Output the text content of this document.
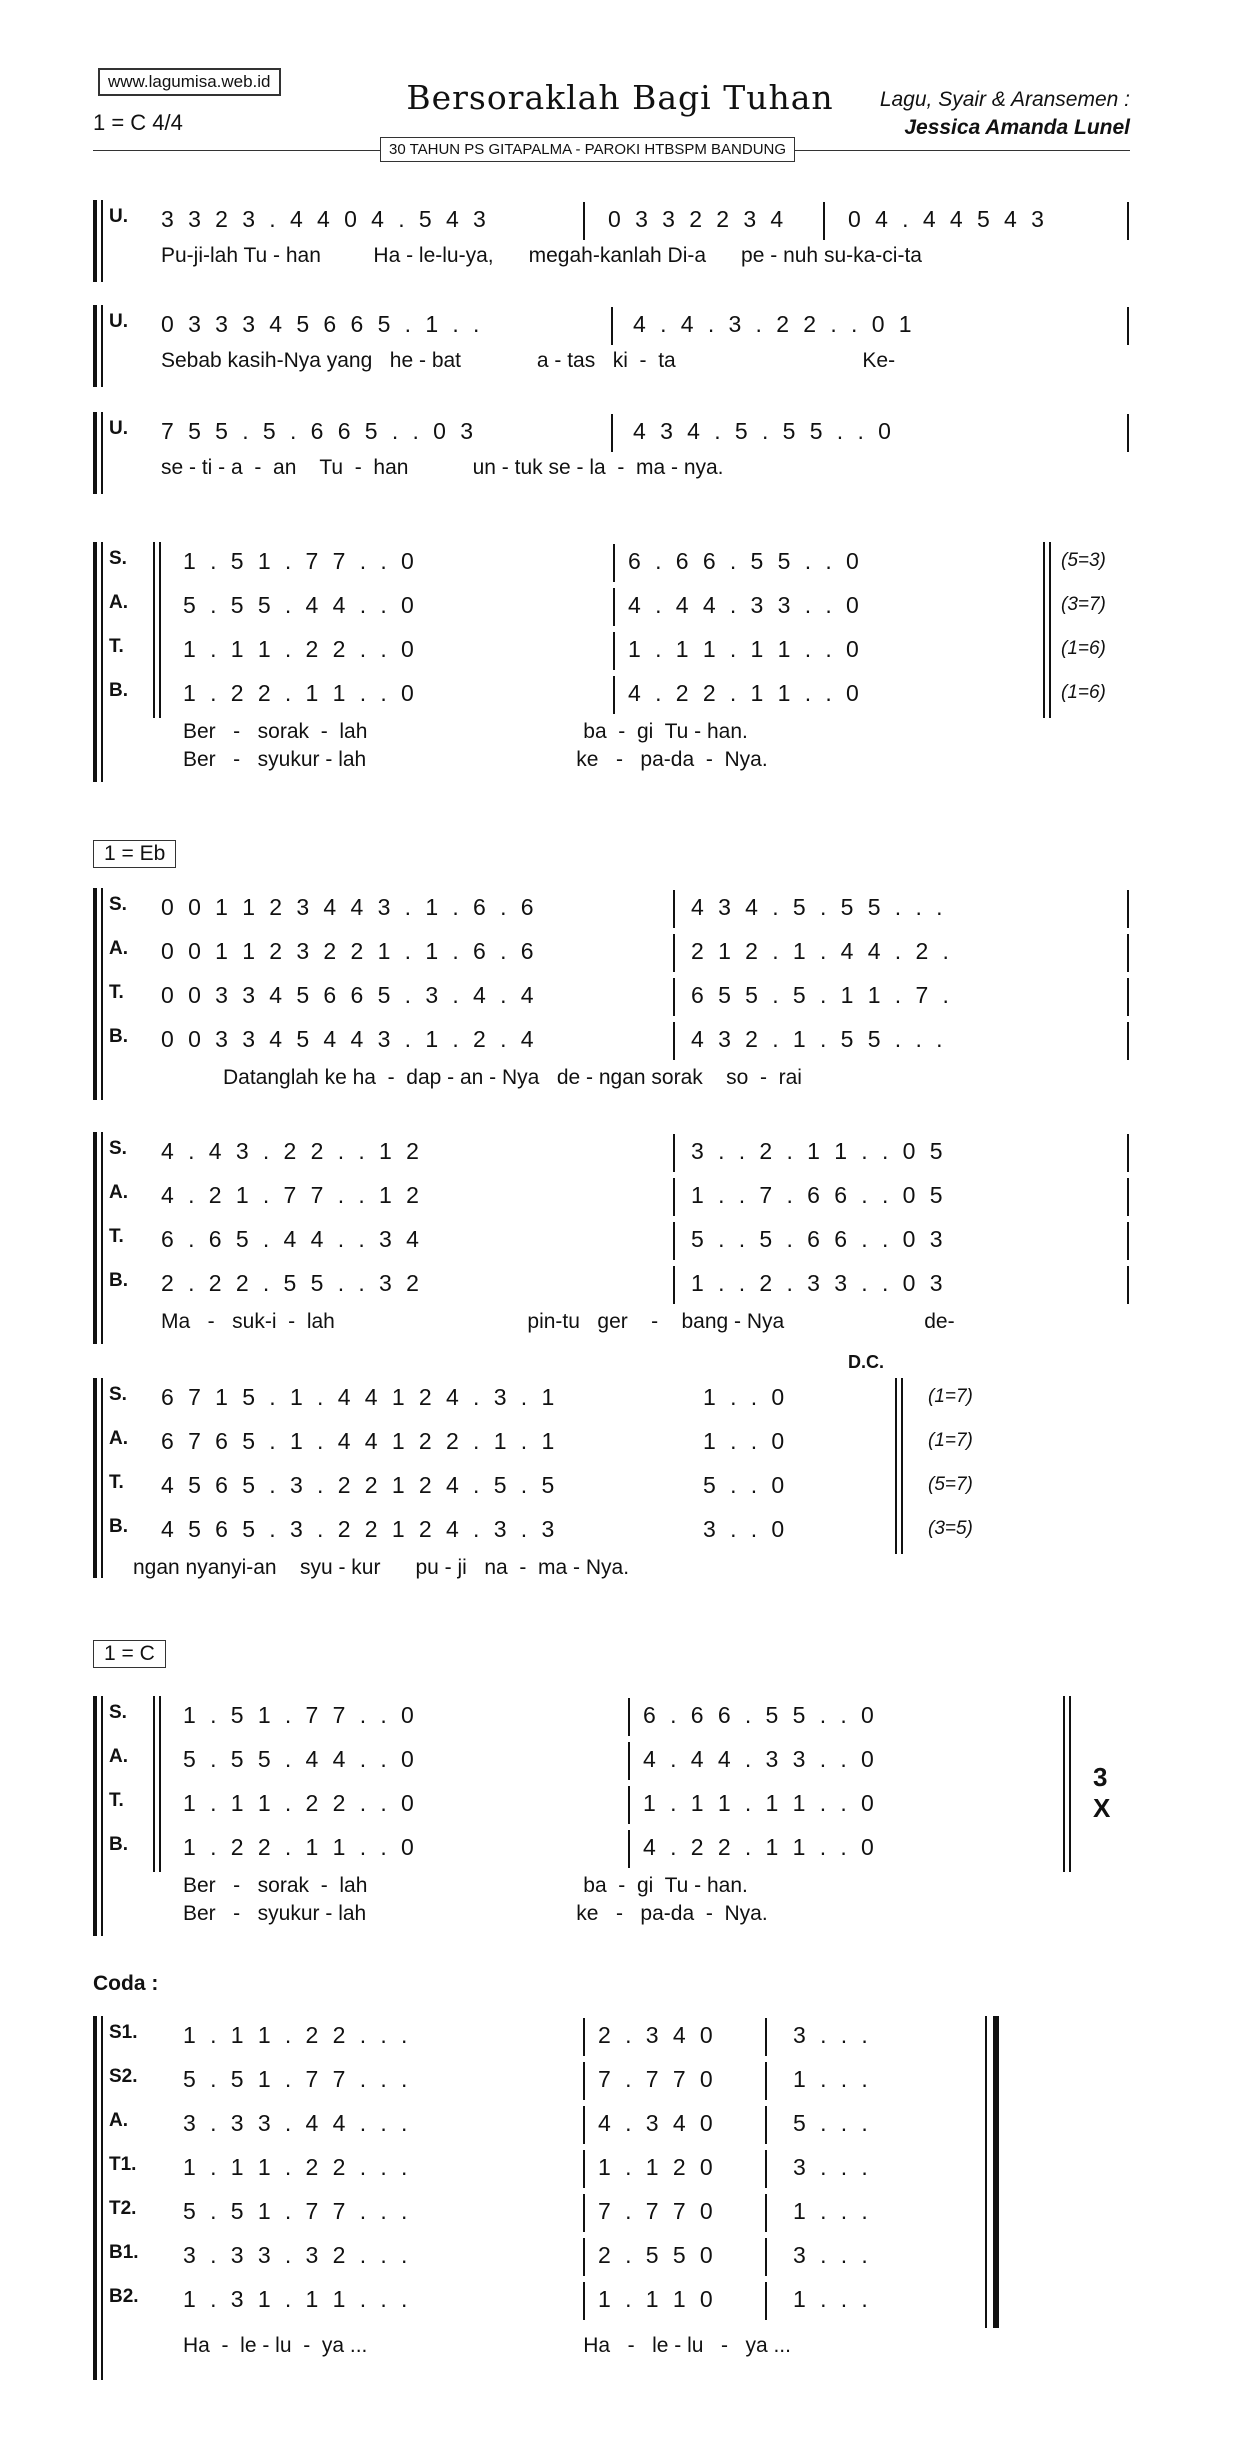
www.lagumisa.web.id
1 = C 4/4
Bersoraklah Bagi Tuhan	Lagu, Syair & Aransemen :
Jessica Amanda Lunel
30 TAHUN PS GITAPALMA - PAROKI HTBSPM BANDUNG
U. 3  3  2  3  .  4  4  0  4  .  5  4  3	0  3  3  2  2  3  4	0  4  .  4  4  5  4  3
Pu-ji-lah Tu - han         Ha - le-lu-ya,      megah-kanlah Di-a      pe - nuh su-ka-ci-ta
U. 0  3  3  3  4  5  6  6  5  .  1  .  .	4  .  4  .  3  .  2  2  .  .  0  1
Sebab kasih-Nya yang   he - bat             a - tas   ki  -  ta                                Ke-
U. 7  5  5  .  5  .  6  6  5  .  .  0  3	4  3  4  .  5  .  5  5  .  .  0
se - ti - a  -  an    Tu  -  han           un - tuk se - la  -  ma - nya.
S. 1  .  5  1  .  7  7  .  .  0	6  .  6  6  .  5  5  .  .  0	(5=3)
A. 5  .  5  5  .  4  4  .  .  0	4  .  4  4  .  3  3  .  .  0	(3=7)
T.	1  .  1  1  .  2  2  .  .  0	1  .  1  1  .  1  1  .  .  0	(1=6)
B. 1  .  2  2  .  1  1  .  .  0	4  .  2  2  .  1  1  .  .  0	(1=6)
Ber   -   sorak  -  lah                                     ba  -  gi  Tu - han.
Ber   -   syukur - lah                                    ke   -   pa-da  -  Nya.
1 = Eb
S. 0  0  1  1  2  3  4  4  3  .  1  .  6  .  6	4  3  4  .  5  .  5  5  .  .  .
A. 0  0  1  1  2  3  2  2  1  .  1  .  6  .  6	2  1  2  .  1  .  4  4  .  2  .
T. 0  0  3  3  4  5  6  6  5  .  3  .  4  .  4	6  5  5  .  5  .  1  1  .  7  .
B. 0  0  3  3  4  5  4  4  3  .  1  .  2  .  4	4  3  2  .  1  .  5  5  .  .  .
Datanglah ke ha  -  dap - an - Nya   de - ngan sorak    so  -  rai
S. 4  .  4  3  .  2  2  .  .  1  2	3  .  .  2  .  1  1  .  .  0  5
A. 4  .  2  1  .  7  7  .  .  1  2	1  .  .  7  .  6  6  .  .  0  5
T. 6  .  6  5  .  4  4  .  .  3  4	5  .  .  5  .  6  6  .  .  0  3
B. 2  .  2  2  .  5  5  .  .  3  2	1  .  .  2  .  3  3  .  .  0  3
Ma   -   suk-i  -  lah                                 pin-tu   ger    -    bang - Nya                        de-
D.C.
S. 6  7  1  5  .  1  .  4  4  1  2  4  .  3  .  1	1  .  .  0	(1=7)
A. 6  7  6  5  .  1  .  4  4  1  2  2  .  1  .  1	1  .  .  0	(1=7)
T. 4  5  6  5  .  3  .  2  2  1  2  4  .  5  .  5	5  .  .  0	(5=7)
B. 4  5  6  5  .  3  .  2  2  1  2  4  .  3  .  3	3  .  .  0	(3=5)
ngan nyanyi-an    syu - kur      pu - ji   na  -  ma - Nya.
1 = C
3 X
S. 1  .  5  1  .  7  7  .  .  0	6  .  6  6  .  5  5  .  .  0
A. 5  .  5  5  .  4  4  .  .  0	4  .  4  4  .  3  3  .  .  0
T.	1  .  1  1  .  2  2  .  .  0	1  .  1  1  .  1  1  .  .  0
B. 1  .  2  2  .  1  1  .  .  0	4  .  2  2  .  1  1  .  .  0
Ber   -   sorak  -  lah                                     ba  -  gi  Tu - han.
Ber   -   syukur - lah                                    ke   -   pa-da  -  Nya.
Coda :
S1. 1  .  1  1  .  2  2  .  .  .	2  .  3  4  0	3  .  .  .
S2. 5  .  5  1  .  7  7  .  .  .	7  .  7  7  0	1  .  .  .
A. 3  .  3  3  .  4  4  .  .  .	4  .  3  4  0	5  .  .  .
T1. 1  .  1  1  .  2  2  .  .  .	1  .  1  2  0	3  .  .  .
T2. 5  .  5  1  .  7  7  .  .  .	7  .  7  7  0	1  .  .  .
B1. 3  .  3  3  .  3  2  .  .  .	2  .  5  5  0	3  .  .  .
B2. 1  .  3  1  .  1  1  .  .  .	1  .  1  1  0	1  .  .  .
Ha  -  le - lu  -  ya ...                                     Ha   -   le - lu   -   ya ...
